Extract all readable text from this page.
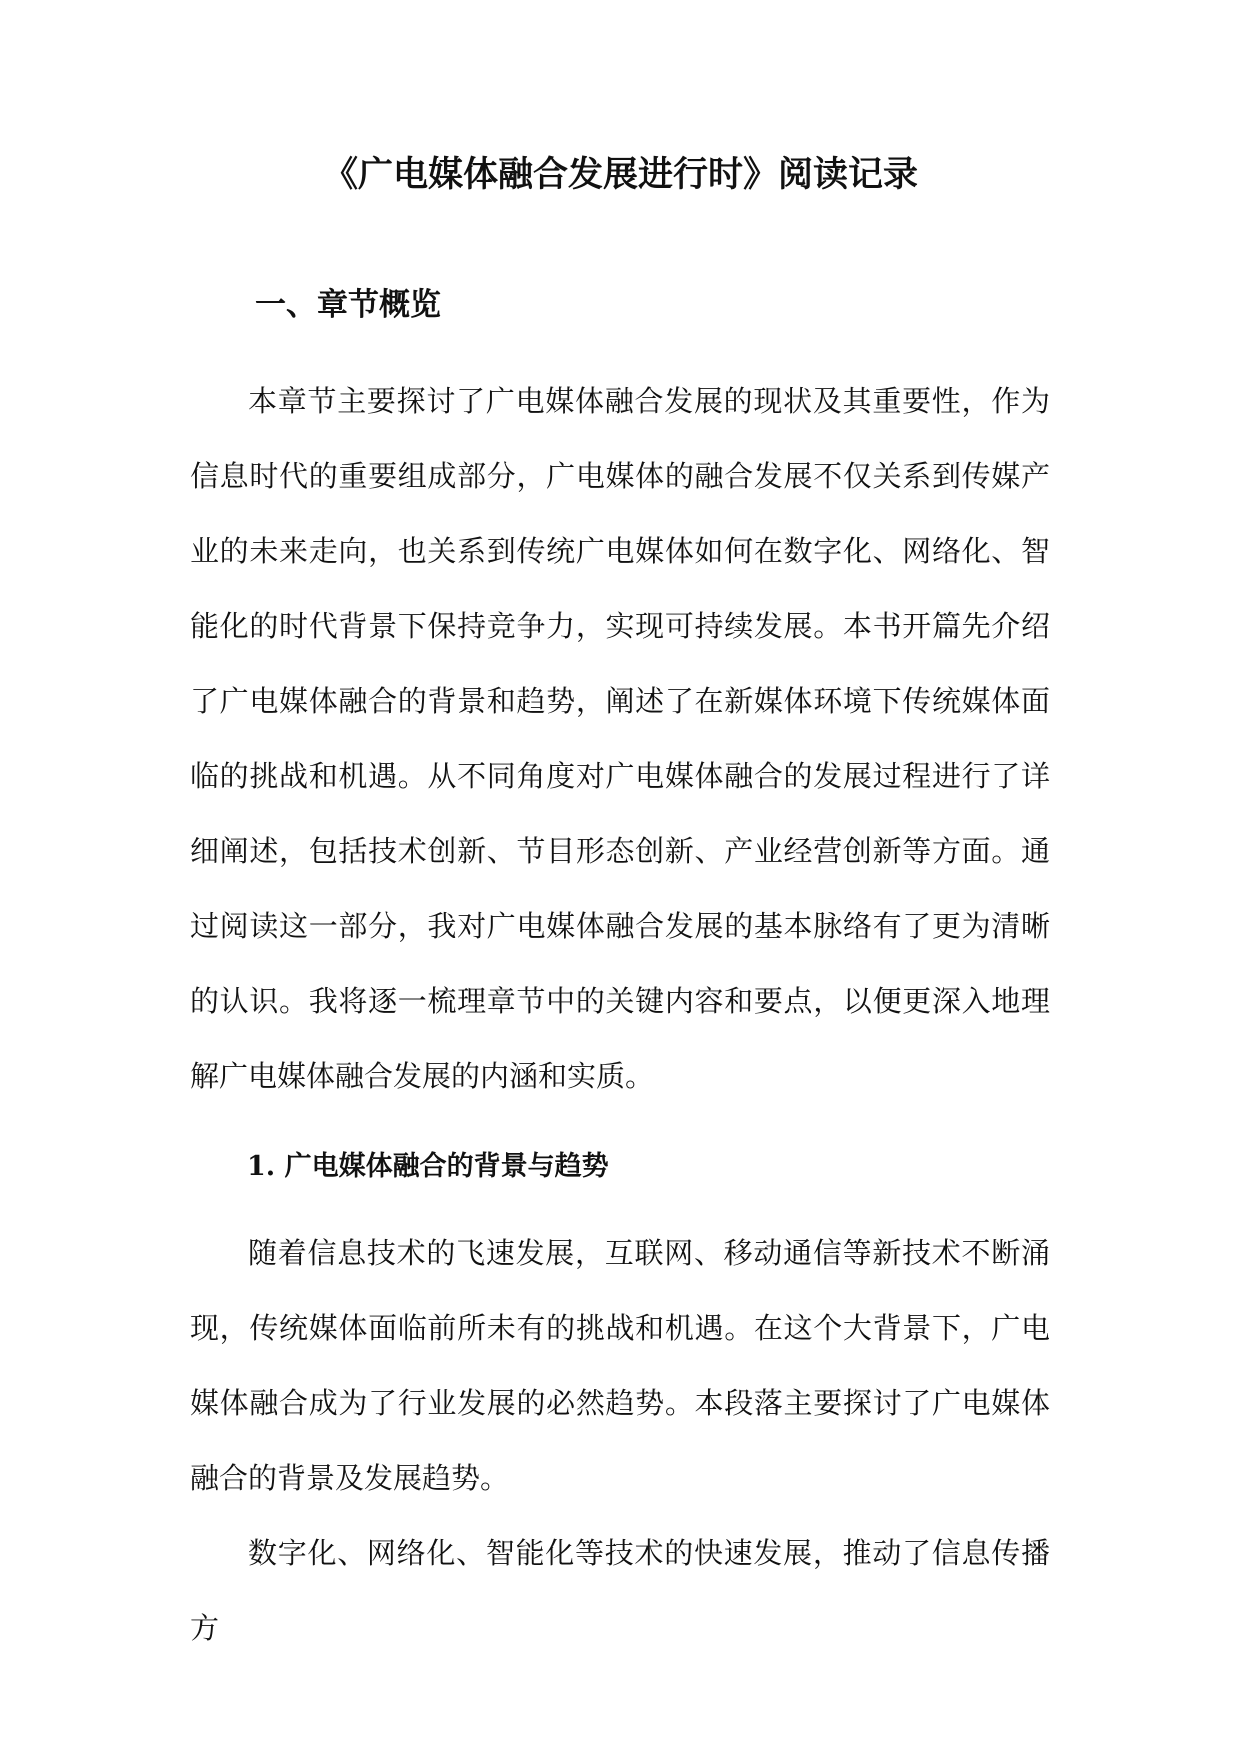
《广电媒体融合发展进行时》阅读记录
一、章节概览

本章节主要探讨了广电媒体融合发展的现状及其重要性，作为信息时代的重要组成部分，广电媒体的融合发展不仅关系到传媒产业的未来走向，也关系到传统广电媒体如何在数字化、网络化、智能化的时代背景下保持竞争力，实现可持续发展。本书开篇先介绍了广电媒体融合的背景和趋势，阐述了在新媒体环境下传统媒体面临的挑战和机遇。从不同角度对广电媒体融合的发展过程进行了详细阐述，包括技术创新、节目形态创新、产业经营创新等方面。通过阅读这一部分，我对广电媒体融合发展的基本脉络有了更为清晰的认识。我将逐一梳理章节中的关键内容和要点，以便更深入地理解广电媒体融合发展的内涵和实质。

1. 广电媒体融合的背景与趋势

随着信息技术的飞速发展，互联网、移动通信等新技术不断涌现，传统媒体面临前所未有的挑战和机遇。在这个大背景下，广电媒体融合成为了行业发展的必然趋势。本段落主要探讨了广电媒体融合的背景及发展趋势。

数字化、网络化、智能化等技术的快速发展，推动了信息传播方
